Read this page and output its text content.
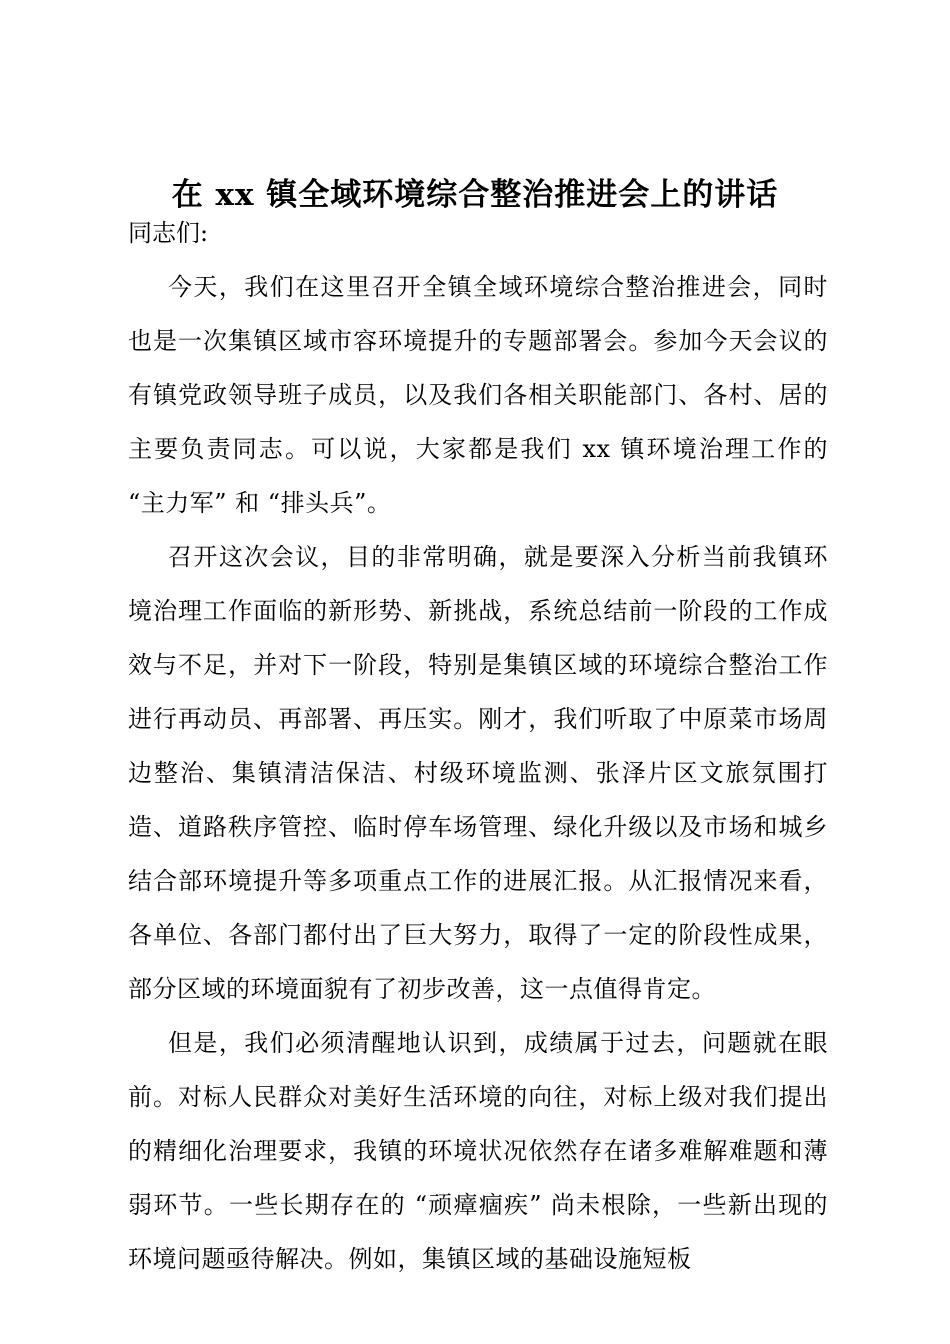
在 xx 镇全域环境综合整治推进会上的讲话

同志们:

今天，我们在这里召开全镇全域环境综合整治推进会，同时也是一次集镇区域市容环境提升的专题部署会。参加今天会议的有镇党政领导班子成员，以及我们各相关职能部门、各村、居的主要负责同志。可以说，大家都是我们 xx 镇环境治理工作的 “主力军” 和 “排头兵”。

召开这次会议，目的非常明确，就是要深入分析当前我镇环境治理工作面临的新形势、新挑战，系统总结前一阶段的工作成效与不足，并对下一阶段，特别是集镇区域的环境综合整治工作进行再动员、再部署、再压实。刚才，我们听取了中原菜市场周边整治、集镇清洁保洁、村级环境监测、张泽片区文旅氛围打造、道路秩序管控、临时停车场管理、绿化升级以及市场和城乡结合部环境提升等多项重点工作的进展汇报。从汇报情况来看，各单位、各部门都付出了巨大努力，取得了一定的阶段性成果，部分区域的环境面貌有了初步改善，这一点值得肯定。

但是，我们必须清醒地认识到，成绩属于过去，问题就在眼前。对标人民群众对美好生活环境的向往，对标上级对我们提出的精细化治理要求，我镇的环境状况依然存在诸多难解难题和薄弱环节。一些长期存在的 “顽瘴痼疾” 尚未根除，一些新出现的环境问题亟待解决。例如，集镇区域的基础设施短板
